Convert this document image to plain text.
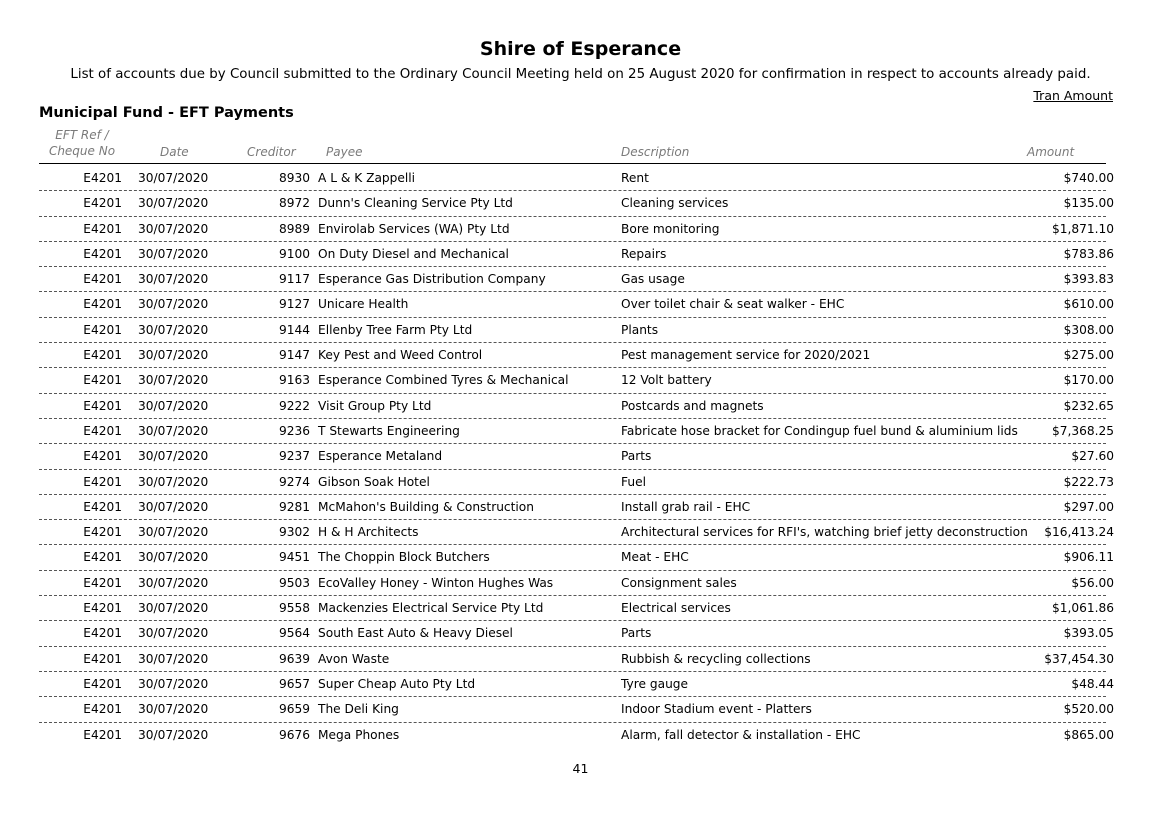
Shire of Esperance
List of accounts due by Council submitted to the Ordinary Council Meeting held on 25 August 2020 for confirmation in respect to accounts already paid.
Tran Amount
Municipal Fund - EFT Payments
EFT Ref /
Cheque No	Date	Creditor	Payee	Description	Amount
E4201 30/07/2020	8930 A L & K Zappelli	Rent	$740.00
E4201 30/07/2020	8972 Dunn's Cleaning Service Pty Ltd	Cleaning services	$135.00
E4201 30/07/2020	8989 Envirolab Services (WA) Pty Ltd	Bore monitoring	$1,871.10
E4201 30/07/2020	9100 On Duty Diesel and Mechanical	Repairs	$783.86
E4201 30/07/2020	9117 Esperance Gas Distribution Company	Gas usage	$393.83
E4201 30/07/2020	9127 Unicare Health	Over toilet chair & seat walker - EHC	$610.00
E4201 30/07/2020	9144 Ellenby Tree Farm Pty Ltd	Plants	$308.00
E4201 30/07/2020	9147 Key Pest and Weed Control	Pest management service for 2020/2021	$275.00
E4201 30/07/2020	9163 Esperance Combined Tyres & Mechanical	12 Volt battery	$170.00
E4201 30/07/2020	9222 Visit Group Pty Ltd	Postcards and magnets	$232.65
E4201 30/07/2020	9236 T Stewarts Engineering	Fabricate hose bracket for Condingup fuel bund & aluminium lids	$7,368.25
E4201 30/07/2020	9237 Esperance Metaland	Parts	$27.60
E4201 30/07/2020	9274 Gibson Soak Hotel	Fuel	$222.73
E4201 30/07/2020	9281 McMahon's Building & Construction	Install grab rail - EHC	$297.00
E4201 30/07/2020	9302 H & H Architects	Architectural services for RFI's, watching brief jetty deconstruction $16,413.24
E4201 30/07/2020	9451 The Choppin Block Butchers	Meat - EHC	$906.11
E4201 30/07/2020	9503 EcoValley Honey - Winton Hughes Was	Consignment sales	$56.00
E4201 30/07/2020	9558 Mackenzies Electrical Service Pty Ltd	Electrical services	$1,061.86
E4201 30/07/2020	9564 South East Auto & Heavy Diesel	Parts	$393.05
E4201 30/07/2020	9639 Avon Waste	Rubbish & recycling collections	$37,454.30
E4201 30/07/2020	9657 Super Cheap Auto Pty Ltd	Tyre gauge	$48.44
E4201 30/07/2020	9659 The Deli King	Indoor Stadium event - Platters	$520.00
E4201 30/07/2020	9676 Mega Phones	Alarm, fall detector & installation - EHC	$865.00
41
